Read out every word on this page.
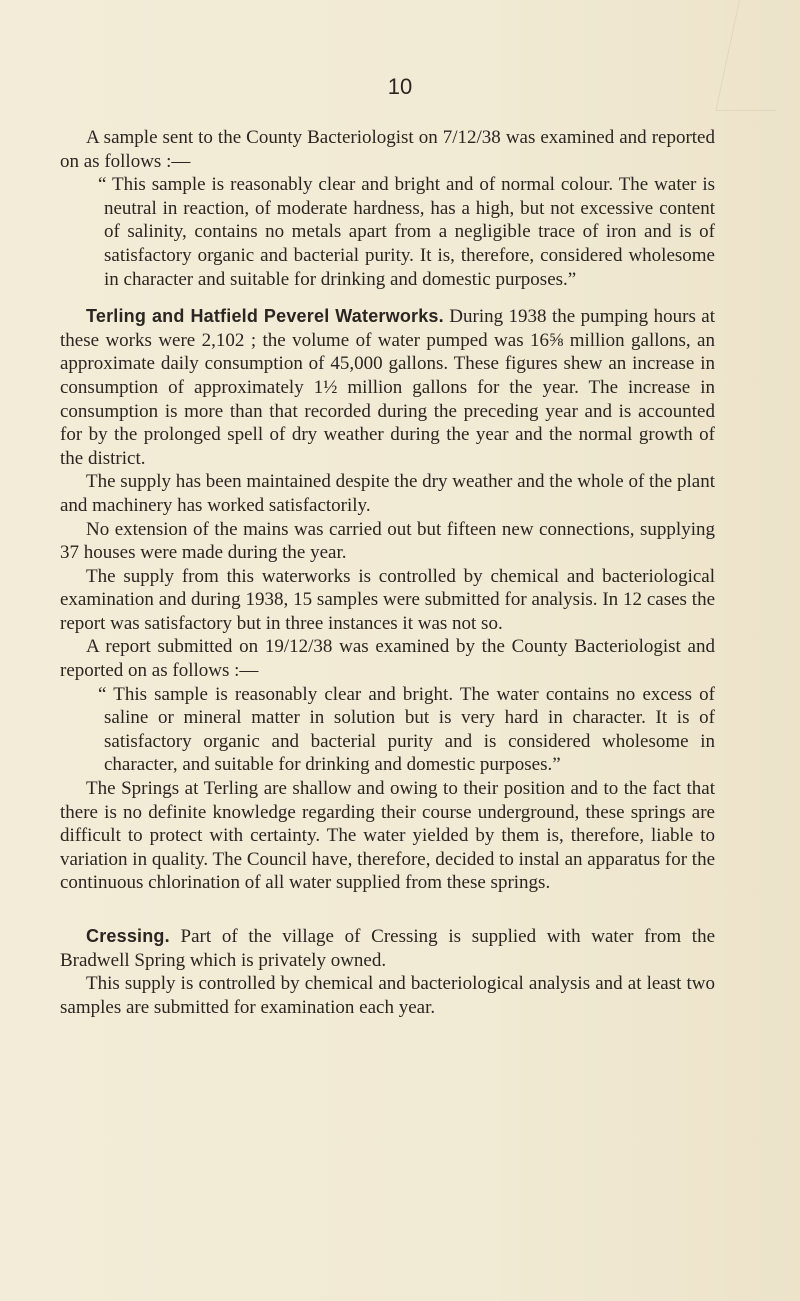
10

A sample sent to the County Bacteriologist on 7/12/38 was examined and reported on as follows :—

“ This sample is reasonably clear and bright and of normal colour. The water is neutral in reaction, of moderate hardness, has a high, but not excessive content of salinity, contains no metals apart from a negligible trace of iron and is of satisfactory organic and bacterial purity. It is, therefore, considered wholesome in character and suitable for drinking and domestic purposes.”

Terling and Hatfield Peverel Waterworks. During 1938 the pumping hours at these works were 2,102 ; the volume of water pumped was 16⅝ million gallons, an approximate daily consumption of 45,000 gallons. These figures shew an increase in consumption of approximately 1½ million gallons for the year. The increase in consumption is more than that recorded during the preceding year and is accounted for by the prolonged spell of dry weather during the year and the normal growth of the district.

The supply has been maintained despite the dry weather and the whole of the plant and machinery has worked satisfactorily.

No extension of the mains was carried out but fifteen new connections, supplying 37 houses were made during the year.

The supply from this waterworks is controlled by chemical and bacteriological examination and during 1938, 15 samples were submitted for analysis. In 12 cases the report was satisfactory but in three instances it was not so.

A report submitted on 19/12/38 was examined by the County Bacteriologist and reported on as follows :—

“ This sample is reasonably clear and bright. The water contains no excess of saline or mineral matter in solution but is very hard in character. It is of satisfactory organic and bacterial purity and is considered wholesome in character, and suitable for drinking and domestic purposes.”

The Springs at Terling are shallow and owing to their position and to the fact that there is no definite knowledge regarding their course underground, these springs are difficult to protect with certainty. The water yielded by them is, therefore, liable to variation in quality. The Council have, therefore, decided to instal an apparatus for the continuous chlorination of all water supplied from these springs.

Cressing. Part of the village of Cressing is supplied with water from the Bradwell Spring which is privately owned.

This supply is controlled by chemical and bacteriological analysis and at least two samples are submitted for examination each year.
